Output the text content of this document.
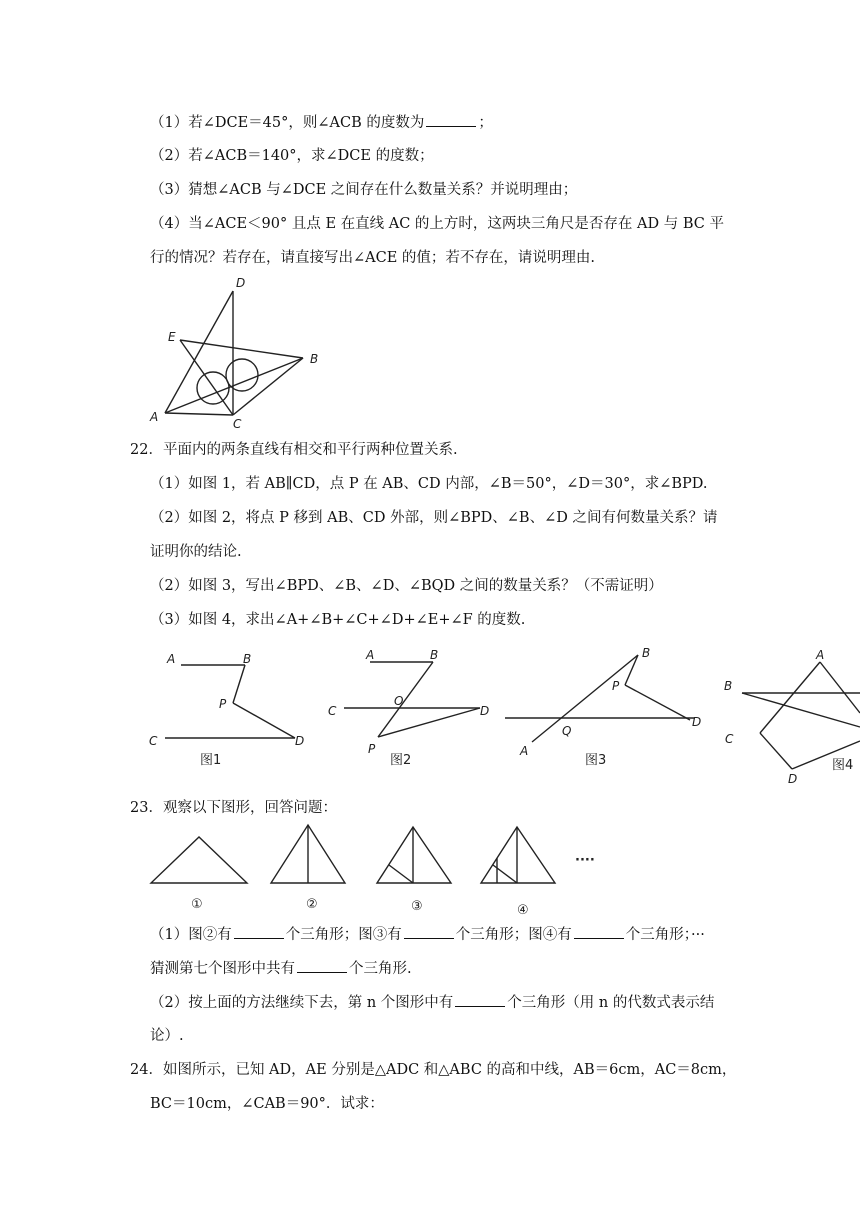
（1）若∠DCE＝45°，则∠ACB 的度数为	；
（2）若∠ACB＝140°，求∠DCE 的度数；
（3）猜想∠ACB 与∠DCE 之间存在什么数量关系？并说明理由；
（4）当∠ACE＜90° 且点 E 在直线 AC 的上方时，这两块三角尺是否存在 AD 与 BC 平
行的情况？若存在，请直接写出∠ACE 的值；若不存在，请说明理由.
D
E
B
A	C
22．平面内的两条直线有相交和平行两种位置关系.
（1）如图 1，若 AB∥CD，点 P 在 AB、CD 内部，∠B＝50°，∠D＝30°，求∠BPD.
（2）如图 2，将点 P 移到 AB、CD 外部，则∠BPD、∠B、∠D 之间有何数量关系？请
证明你的结论.
（2）如图 3，写出∠BPD、∠B、∠D、∠BQD 之间的数量关系？（不需证明）
（3）如图 4，求出∠A+∠B+∠C+∠D+∠E+∠F 的度数.
A	B
P
C	D
图1
A	B
O
C	D
P
图2
B
P
Q
A
D
图3
A
B
C
D
图4
23．观察以下图形，回答问题：
①	②	③	④
····
（1）图②有	个三角形；图③有	个三角形；图④有	个三角形；···
猜测第七个图形中共有	个三角形.
（2）按上面的方法继续下去，第 n 个图形中有	个三角形（用 n 的代数式表示结
论）.
24．如图所示，已知 AD，AE 分别是△ADC 和△ABC 的高和中线，AB＝6cm，AC＝8cm，
BC＝10cm，∠CAB＝90°．试求：
